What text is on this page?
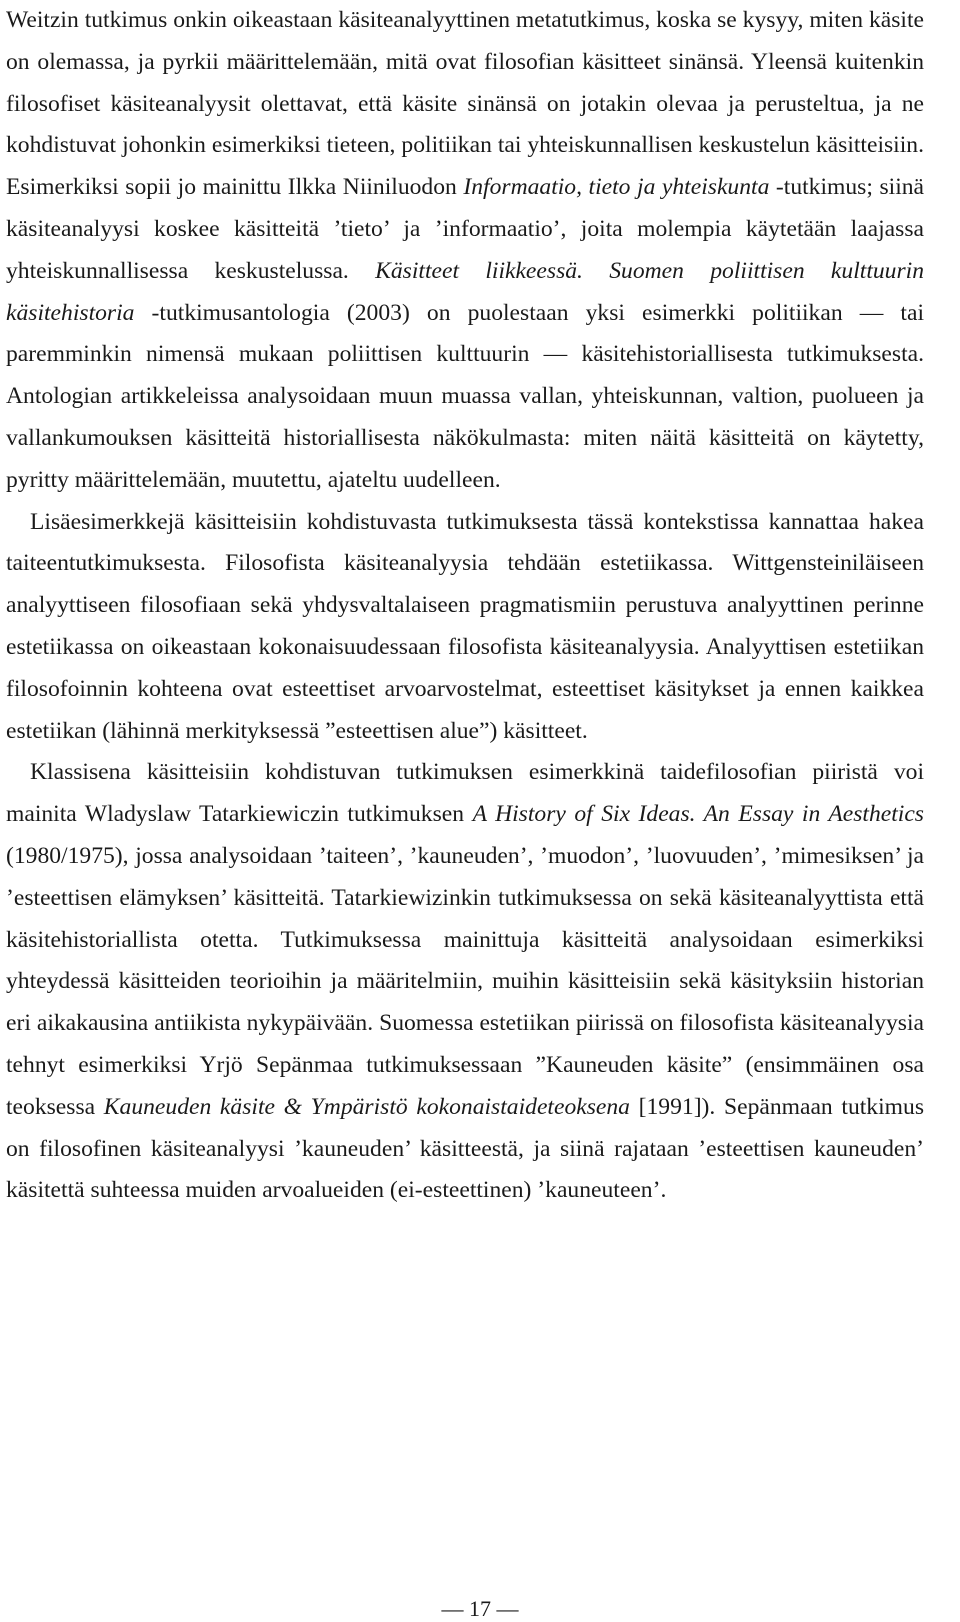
Weitzin tutkimus onkin oikeastaan käsiteanalyyttinen metatutkimus, koska se kysyy, miten käsite on olemassa, ja pyrkii määrittelemään, mitä ovat filosofian käsitteet sinänsä. Yleensä kuitenkin filosofiset käsiteanalyysit olettavat, että käsite sinänsä on jotakin olevaa ja perusteltua, ja ne kohdistuvat johonkin esimerkiksi tieteen, politiikan tai yhteiskunnallisen keskustelun käsitteisiin. Esimerkiksi sopii jo mainittu Ilkka Niiniluodon Informaatio, tieto ja yhteiskunta -tutkimus; siinä käsiteanalyysi koskee käsitteitä ’tieto’ ja ’informaatio’, joita molempia käytetään laajassa yhteiskunnallisessa keskustelussa. Käsitteet liikkeessä. Suomen poliittisen kulttuurin käsitehistoria -tutkimusantologia (2003) on puolestaan yksi esimerkki politiikan — tai paremminkin nimensä mukaan poliittisen kulttuurin — käsitehistoriallisesta tutkimuksesta. Antologian artikkeleissa analysoidaan muun muassa vallan, yhteiskunnan, valtion, puolueen ja vallankumouksen käsitteitä historiallisesta näkökulmasta: miten näitä käsitteitä on käytetty, pyritty määrittelemään, muutettu, ajateltu uudelleen.

Lisäesimerkkejä käsitteisiin kohdistuvasta tutkimuksesta tässä kontekstissa kannattaa hakea taiteentutkimuksesta. Filosofista käsiteanalyysia tehdään estetiikassa. Wittgensteiniläiseen analyyttiseen filosofiaan sekä yhdysvaltalaiseen pragmatismiin perustuva analyyttinen perinne estetiikassa on oikeastaan kokonaisuudessaan filosofista käsiteanalyysia. Analyyttisen estetiikan filosofoinnin kohteena ovat esteettiset arvoarvostelmat, esteettiset käsitykset ja ennen kaikkea estetiikan (lähinnä merkityksessä ”esteettisen alue”) käsitteet.

Klassisena käsitteisiin kohdistuvan tutkimuksen esimerkkinä taidefilosofian piiristä voi mainita Wladyslaw Tatarkiewiczin tutkimuksen A History of Six Ideas. An Essay in Aesthetics (1980/1975), jossa analysoidaan ’taiteen’, ’kauneuden’, ’muodon’, ’luovuuden’, ’mimesiksen’ ja ’esteettisen elämyksen’ käsitteitä. Tatarkiewizinkin tutkimuksessa on sekä käsiteanalyyttista että käsitehistoriallista otetta. Tutkimuksessa mainittuja käsitteitä analysoidaan esimerkiksi yhteydessä käsitteiden teorioihin ja määritelmiin, muihin käsitteisiin sekä käsityksiin historian eri aikakausina antiikista nykypäivään. Suomessa estetiikan piirissä on filosofista käsiteanalyysia tehnyt esimerkiksi Yrjö Sepänmaa tutkimuksessaan ”Kauneuden käsite” (ensimmäinen osa teoksessa Kauneuden käsite & Ympäristö kokonaistaideteoksena [1991]). Sepänmaan tutkimus on filosofinen käsiteanalyysi ’kauneuden’ käsitteestä, ja siinä rajataan ’esteettisen kauneuden’ käsitettä suhteessa muiden arvoalueiden (ei-esteettinen) ’kauneuteen’.

— 17 —
